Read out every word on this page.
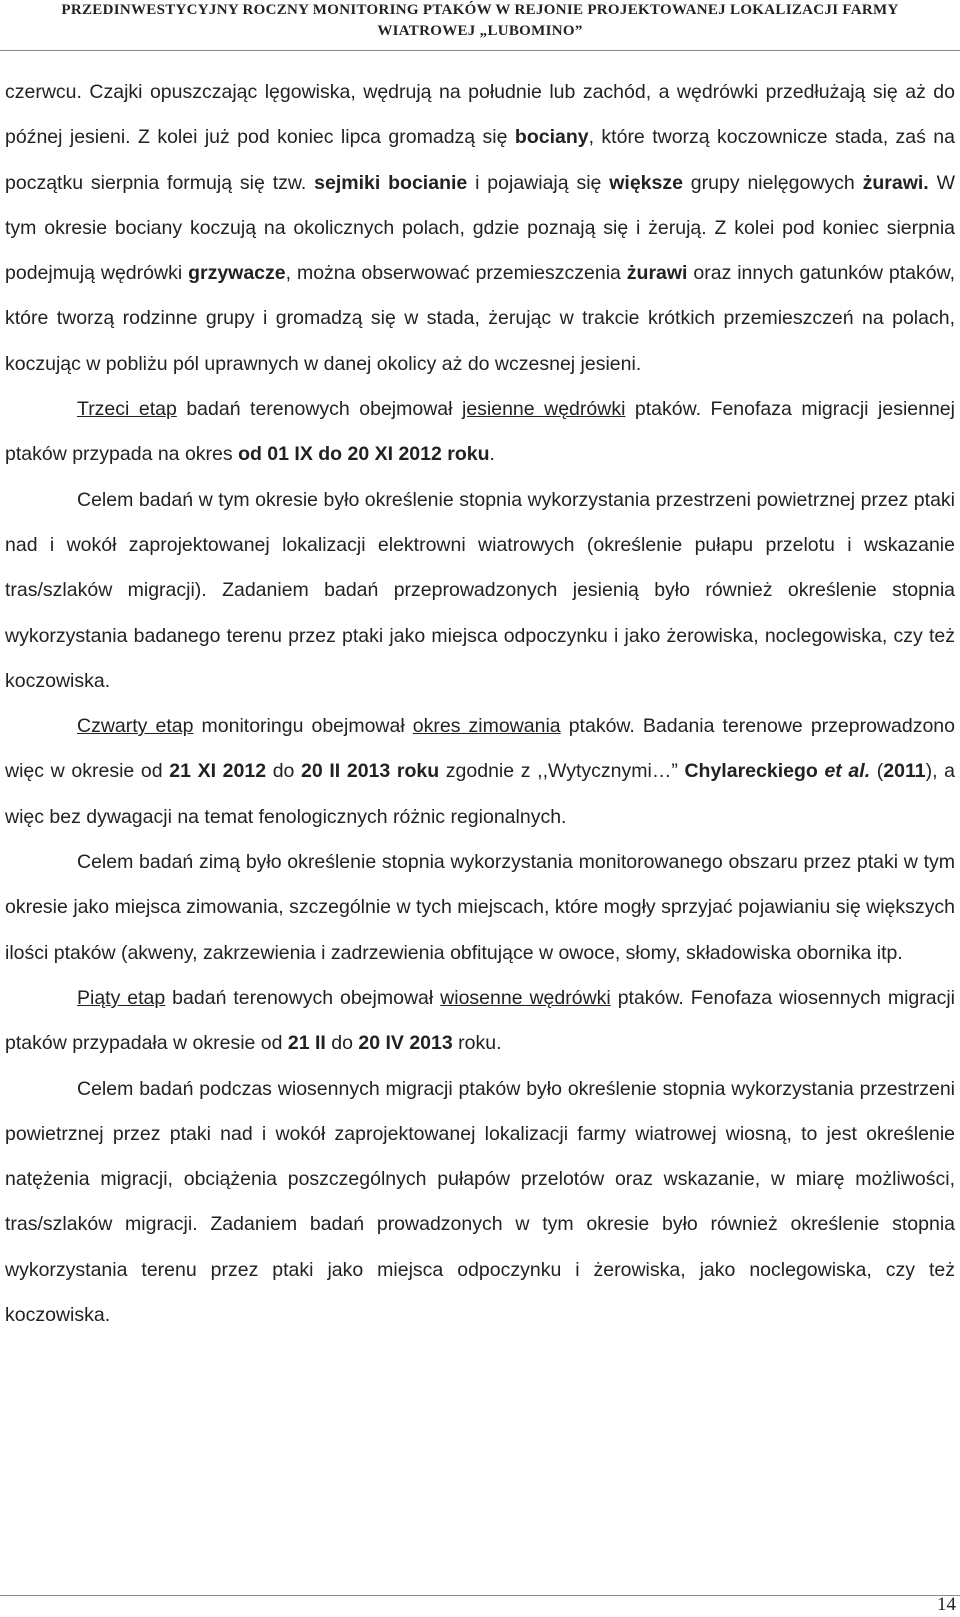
PRZEDINWESTYCYJNY ROCZNY MONITORING PTAKÓW W REJONIE PROJEKTOWANEJ LOKALIZACJI FARMY
WIATROWEJ „LUBOMINO”

czerwcu. Czajki opuszczając lęgowiska, wędrują na południe lub zachód, a wędrówki przedłużają się aż do późnej jesieni. Z kolei już pod koniec lipca gromadzą się bociany, które tworzą koczownicze stada, zaś na początku sierpnia formują się tzw. sejmiki bocianie i pojawiają się większe grupy nielęgowych żurawi. W tym okresie bociany koczują na okolicznych polach, gdzie poznają się i żerują. Z kolei pod koniec sierpnia podejmują wędrówki grzywacze, można obserwować przemieszczenia żurawi oraz innych gatunków ptaków, które tworzą rodzinne grupy i gromadzą się w stada, żerując w trakcie krótkich przemieszczeń na polach, koczując w pobliżu pól uprawnych w danej okolicy aż do wczesnej jesieni.

Trzeci etap badań terenowych obejmował jesienne wędrówki ptaków. Fenofaza migracji jesiennej ptaków przypada na okres od 01 IX do 20 XI 2012 roku.

Celem badań w tym okresie było określenie stopnia wykorzystania przestrzeni powietrznej przez ptaki nad i wokół zaprojektowanej lokalizacji elektrowni wiatrowych (określenie pułapu przelotu i wskazanie tras/szlaków migracji). Zadaniem badań przeprowadzonych jesienią było również określenie stopnia wykorzystania badanego terenu przez ptaki jako miejsca odpoczynku i jako żerowiska, noclegowiska, czy też koczowiska.

Czwarty etap monitoringu obejmował okres zimowania ptaków. Badania terenowe przeprowadzono więc w okresie od 21 XI 2012 do 20 II 2013 roku zgodnie z ,,Wytycznymi…” Chylareckiego et al. (2011), a więc bez dywagacji na temat fenologicznych różnic regionalnych.

Celem badań zimą było określenie stopnia wykorzystania monitorowanego obszaru przez ptaki w tym okresie jako miejsca zimowania, szczególnie w tych miejscach, które mogły sprzyjać pojawianiu się większych ilości ptaków (akweny, zakrzewienia i zadrzewienia obfitujące w owoce, słomy, składowiska obornika itp.

Piąty etap badań terenowych obejmował wiosenne wędrówki ptaków. Fenofaza wiosennych migracji ptaków przypadała w okresie od 21 II do 20 IV 2013 roku.

Celem badań podczas wiosennych migracji ptaków było określenie stopnia wykorzystania przestrzeni powietrznej przez ptaki nad i wokół zaprojektowanej lokalizacji farmy wiatrowej wiosną, to jest określenie natężenia migracji, obciążenia poszczególnych pułapów przelotów oraz wskazanie, w miarę możliwości, tras/szlaków migracji. Zadaniem badań prowadzonych w tym okresie było również określenie stopnia wykorzystania terenu przez ptaki jako miejsca odpoczynku i żerowiska, jako noclegowiska, czy też koczowiska.

14
